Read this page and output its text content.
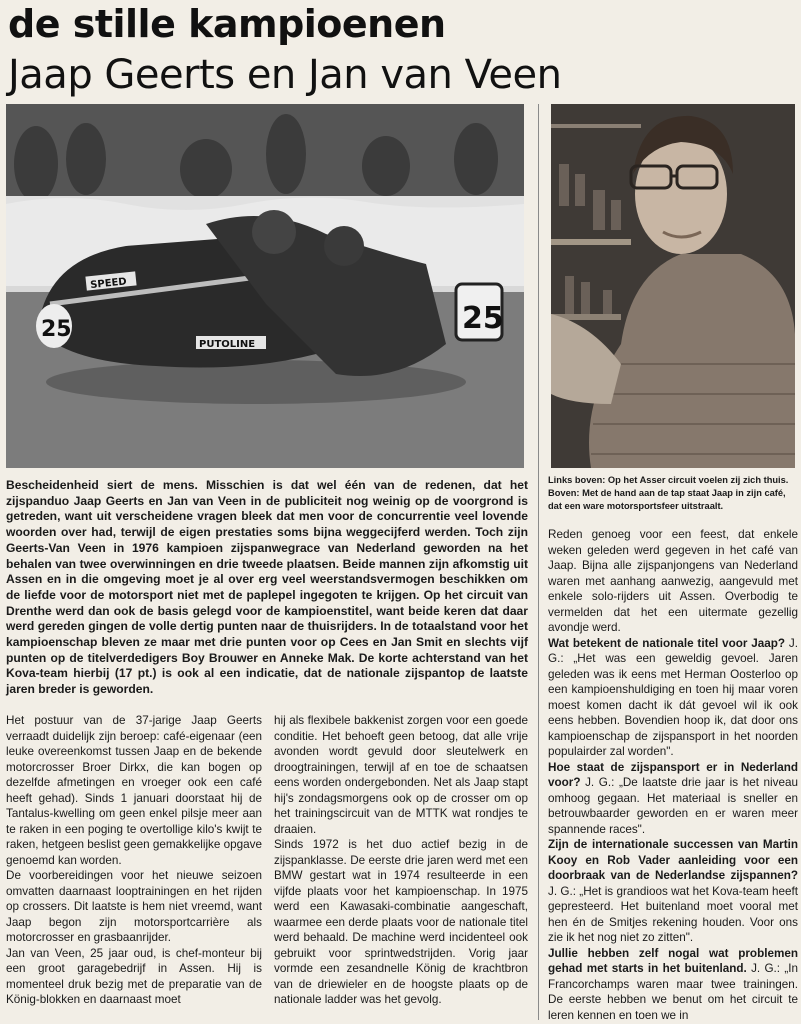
de stille kampioenen
Jaap Geerts en Jan van Veen
SPEED
PUTOLINE
25	25

Links boven: Op het Asser circuit voelen zij zich thuis. Boven: Met de hand aan de tap staat Jaap in zijn café, dat een ware motorsportsfeer uitstraalt.

Bescheidenheid siert de mens. Misschien is dat wel één van de redenen, dat het zijspanduo Jaap Geerts en Jan van Veen in de publiciteit nog weinig op de voorgrond is getreden, want uit verscheidene vragen bleek dat men voor de concurrentie veel lovende woorden over had, terwijl de eigen prestaties soms bijna weggecijferd werden. Toch zijn Geerts-Van Veen in 1976 kampioen zijspanwegrace van Nederland geworden na het behalen van twee overwinningen en drie tweede plaatsen. Beide mannen zijn afkomstig uit Assen en in die omgeving moet je al over erg veel weerstandsvermogen beschikken om de liefde voor de motorsport niet met de paplepel ingegoten te krijgen. Op het circuit van Drenthe werd dan ook de basis gelegd voor de kampioenstitel, want beide keren dat daar werd gereden gingen de volle dertig punten naar de thuisrijders. In de totaalstand voor het kampioenschap bleven ze maar met drie punten voor op Cees en Jan Smit en slechts vijf punten op de titelverdedigers Boy Brouwer en Anneke Mak. De korte achterstand van het Kova-team hierbij (17 pt.) is ook al een indicatie, dat de nationale zijspantop de laatste jaren breder is geworden.

Het postuur van de 37-jarige Jaap Geerts verraadt duidelijk zijn beroep: café-eigenaar (een leuke overeenkomst tussen Jaap en de bekende motorcrosser Broer Dirkx, die kan bogen op dezelfde afmetingen en vroeger ook een café heeft gehad). Sinds 1 januari doorstaat hij de Tantalus-kwelling om geen enkel pilsje meer aan te raken in een poging te overtollige kilo's kwijt te raken, hetgeen beslist geen gemakkelijke opgave genoemd kan worden.

De voorbereidingen voor het nieuwe seizoen omvatten daarnaast looptrainingen en het rijden op crossers. Dit laatste is hem niet vreemd, want Jaap begon zijn motorsportcarrière als motorcrosser en grasbaanrijder.

Jan van Veen, 25 jaar oud, is chef-monteur bij een groot garagebedrijf in Assen. Hij is momenteel druk bezig met de preparatie van de König-blokken en daarnaast moet

hij als flexibele bakkenist zorgen voor een goede conditie. Het behoeft geen betoog, dat alle vrije avonden wordt gevuld door sleutelwerk en droogtrainingen, terwijl af en toe de schaatsen eens worden ondergebonden. Net als Jaap stapt hij's zondagsmorgens ook op de crosser om op het trainingscircuit van de MTTK wat rondjes te draaien.

Sinds 1972 is het duo actief bezig in de zijspanklasse. De eerste drie jaren werd met een BMW gestart wat in 1974 resulteerde in een vijfde plaats voor het kampioenschap. In 1975 werd een Kawasaki-combinatie aangeschaft, waarmee een derde plaats voor de nationale titel werd behaald. De machine werd incidenteel ook gebruikt voor sprintwedstrijden. Vorig jaar vormde een zesandnelle König de krachtbron van de driewieler en de hoogste plaats op de nationale ladder was het gevolg.

Reden genoeg voor een feest, dat enkele weken geleden werd gegeven in het café van Jaap. Bijna alle zijspanjongens van Nederland waren met aanhang aanwezig, aangevuld met enkele solo-rijders uit Assen. Overbodig te vermelden dat het een uitermate gezellig avondje werd.

Wat betekent de nationale titel voor Jaap? J. G.: „Het was een geweldig gevoel. Jaren geleden was ik eens met Herman Oosterloo op een kampioenshuldiging en toen hij maar voren moest komen dacht ik dát gevoel wil ik ook eens hebben. Bovendien hoop ik, dat door ons kampioenschap de zijspansport in het noorden populairder zal worden".

Hoe staat de zijspansport er in Nederland voor? J. G.: „De laatste drie jaar is het niveau omhoog gegaan. Het materiaal is sneller en betrouwbaarder geworden en er waren meer spannende races".

Zijn de internationale successen van Martin Kooy en Rob Vader aanleiding voor een doorbraak van de Nederlandse zijspannen? J. G.: „Het is grandioos wat het Kova-team heeft gepresteerd. Het buitenland moet vooral met hen én de Smitjes rekening houden. Voor ons zie ik het nog niet zo zitten".

Jullie hebben zelf nogal wat problemen gehad met starts in het buitenland. J. G.: „In Francorchamps waren maar twee trainingen. De eerste hebben we benut om het circuit te leren kennen en toen we in
